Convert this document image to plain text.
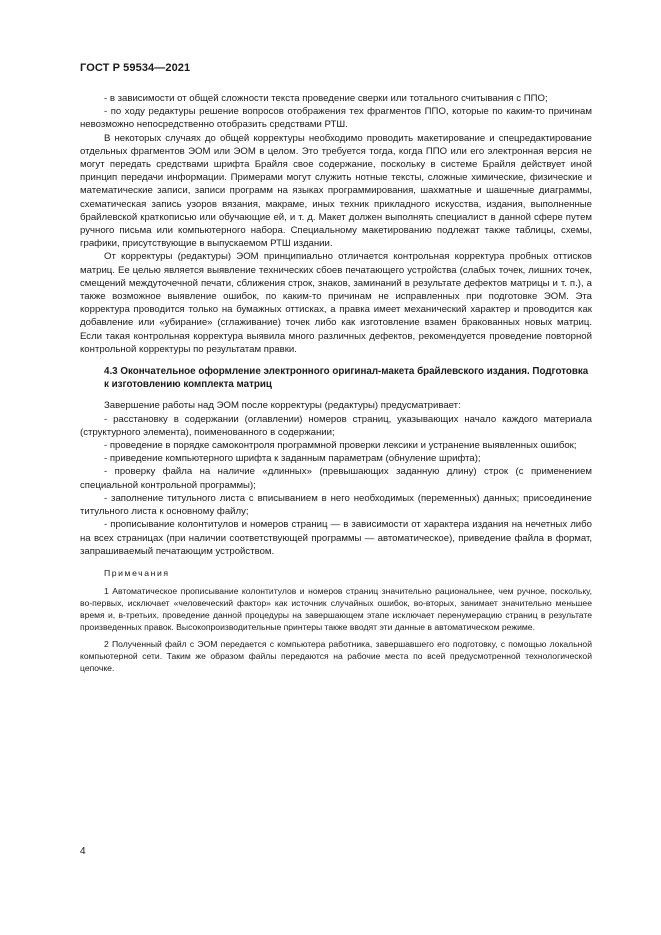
ГОСТ Р 59534—2021

- в зависимости от общей сложности текста проведение сверки или тотального считывания с ППО;

- по ходу редактуры решение вопросов отображения тех фрагментов ППО, которые по каким-то причинам невозможно непосредственно отобразить средствами РТШ.

В некоторых случаях до общей корректуры необходимо проводить макетирование и спецредактирование отдельных фрагментов ЭОМ или ЭОМ в целом. Это требуется тогда, когда ППО или его электронная версия не могут передать средствами шрифта Брайля свое содержание, поскольку в системе Брайля действует иной принцип передачи информации. Примерами могут служить нотные тексты, сложные химические, физические и математические записи, записи программ на языках программирования, шахматные и шашечные диаграммы, схематическая запись узоров вязания, макраме, иных техник прикладного искусства, издания, выполненные брайлевской краткописью или обучающие ей, и т. д. Макет должен выполнять специалист в данной сфере путем ручного письма или компьютерного набора. Специальному макетированию подлежат также таблицы, схемы, графики, присутствующие в выпускаемом РТШ издании.

От корректуры (редактуры) ЭОМ принципиально отличается контрольная корректура пробных оттисков матриц. Ее целью является выявление технических сбоев печатающего устройства (слабых точек, лишних точек, смещений междуточечной печати, сближения строк, знаков, заминаний в результате дефектов матрицы и т. п.), а также возможное выявление ошибок, по каким-то причинам не исправленных при подготовке ЭОМ. Эта корректура проводится только на бумажных оттисках, а правка имеет механический характер и проводится как добавление или «убирание» (сглаживание) точек либо как изготовление взамен бракованных новых матриц. Если такая контрольная корректура выявила много различных дефектов, рекомендуется проведение повторной контрольной корректуры по результатам правки.

4.3 Окончательное оформление электронного оригинал-макета брайлевского издания. Подготовка к изготовлению комплекта матриц

Завершение работы над ЭОМ после корректуры (редактуры) предусматривает:

- расстановку в содержании (оглавлении) номеров страниц, указывающих начало каждого материала (структурного элемента), поименованного в содержании;

- проведение в порядке самоконтроля программной проверки лексики и устранение выявленных ошибок;

- приведение компьютерного шрифта к заданным параметрам (обнуление шрифта);

- проверку файла на наличие «длинных» (превышающих заданную длину) строк (с применением специальной контрольной программы);

- заполнение титульного листа с вписыванием в него необходимых (переменных) данных; присоединение титульного листа к основному файлу;

- прописывание колонтитулов и номеров страниц — в зависимости от характера издания на нечетных либо на всех страницах (при наличии соответствующей программы — автоматическое), приведение файла в формат, запрашиваемый печатающим устройством.

Примечания

1 Автоматическое прописывание колонтитулов и номеров страниц значительно рациональнее, чем ручное, поскольку, во-первых, исключает «человеческий фактор» как источник случайных ошибок, во-вторых, занимает значительно меньшее время и, в-третьих, проведение данной процедуры на завершающем этапе исключает перенумерацию страниц в результате произведенных правок. Высокопроизводительные принтеры также вводят эти данные в автоматическом режиме.

2 Полученный файл с ЭОМ передается с компьютера работника, завершавшего его подготовку, с помощью локальной компьютерной сети. Таким же образом файлы передаются на рабочие места по всей предусмотренной технологической цепочке.

4
